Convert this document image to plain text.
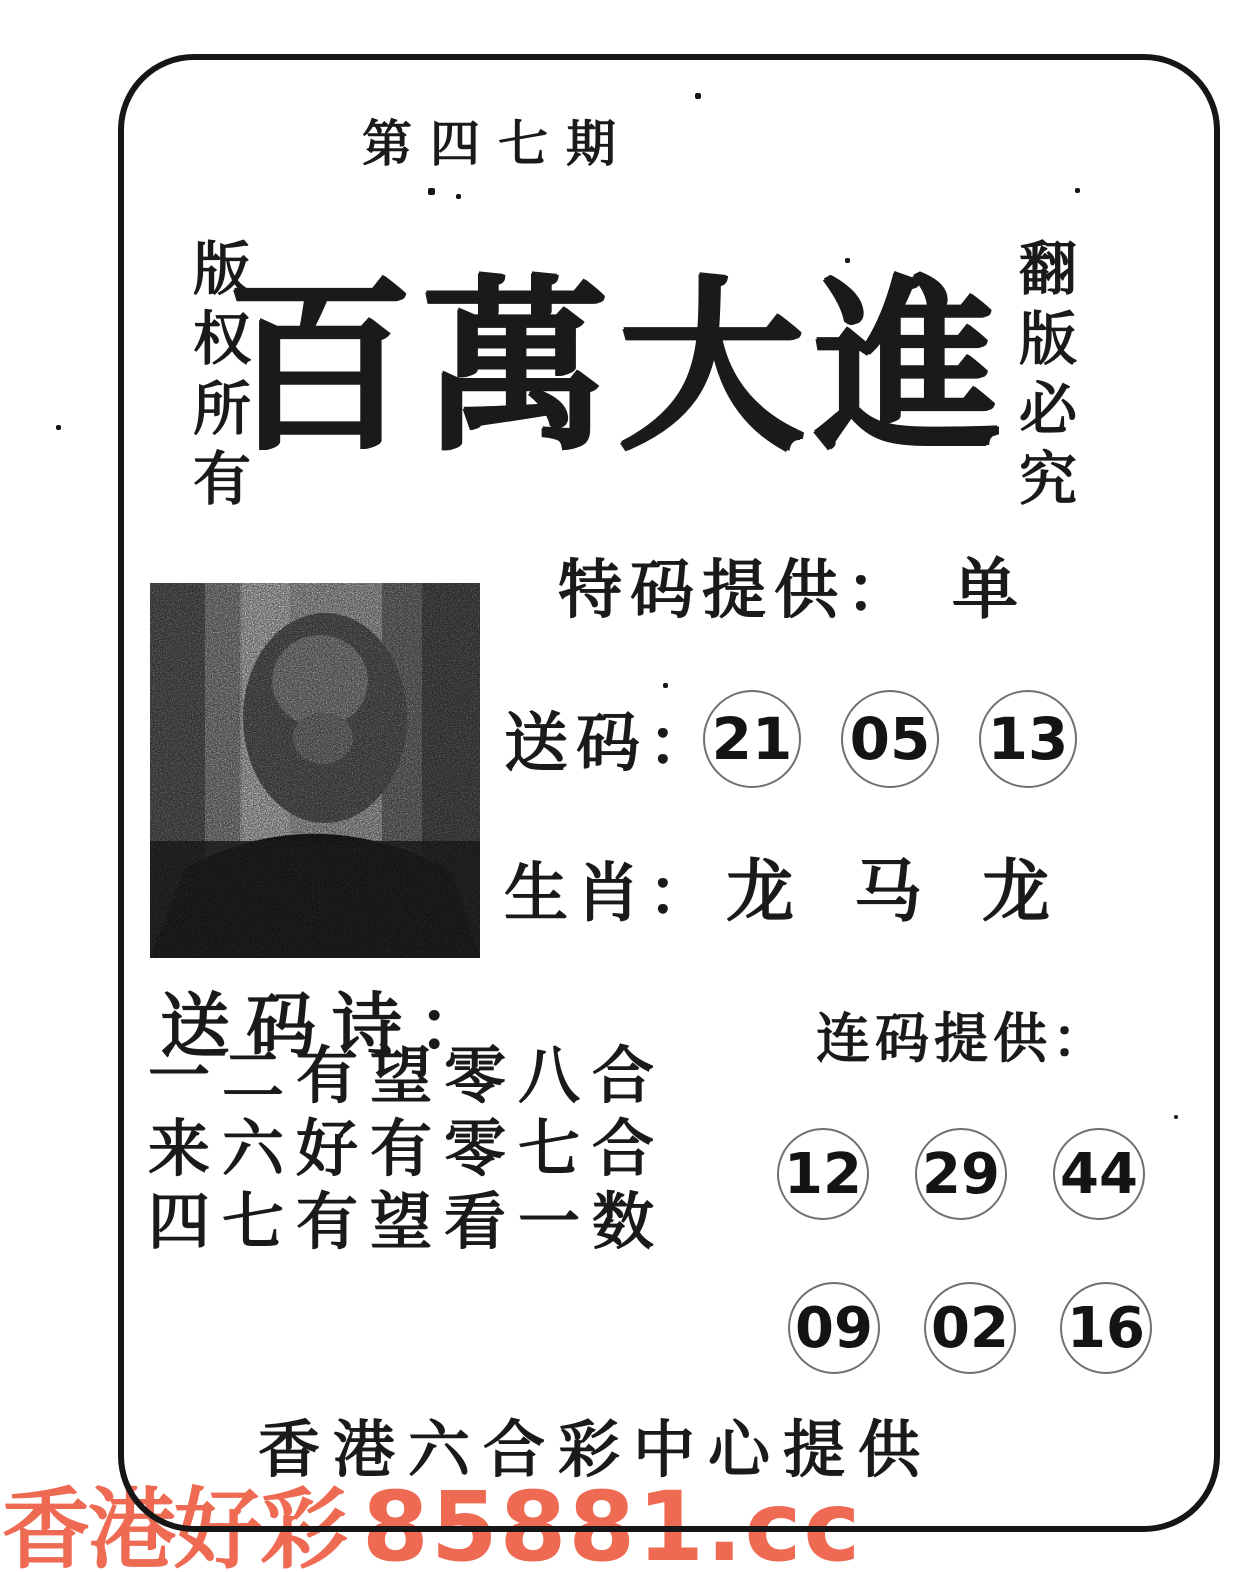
香港好彩 85881.cc
第四七期
版权所有	翻版必究
百萬大進
特码提供： 单
送码：
21 05 13
生肖： 龙 马 龙
送码诗：
一二有望零八合
来六好有零七合
四七有望看一数
连码提供：
12 29 44
09 02 16
香港六合彩中心提供
